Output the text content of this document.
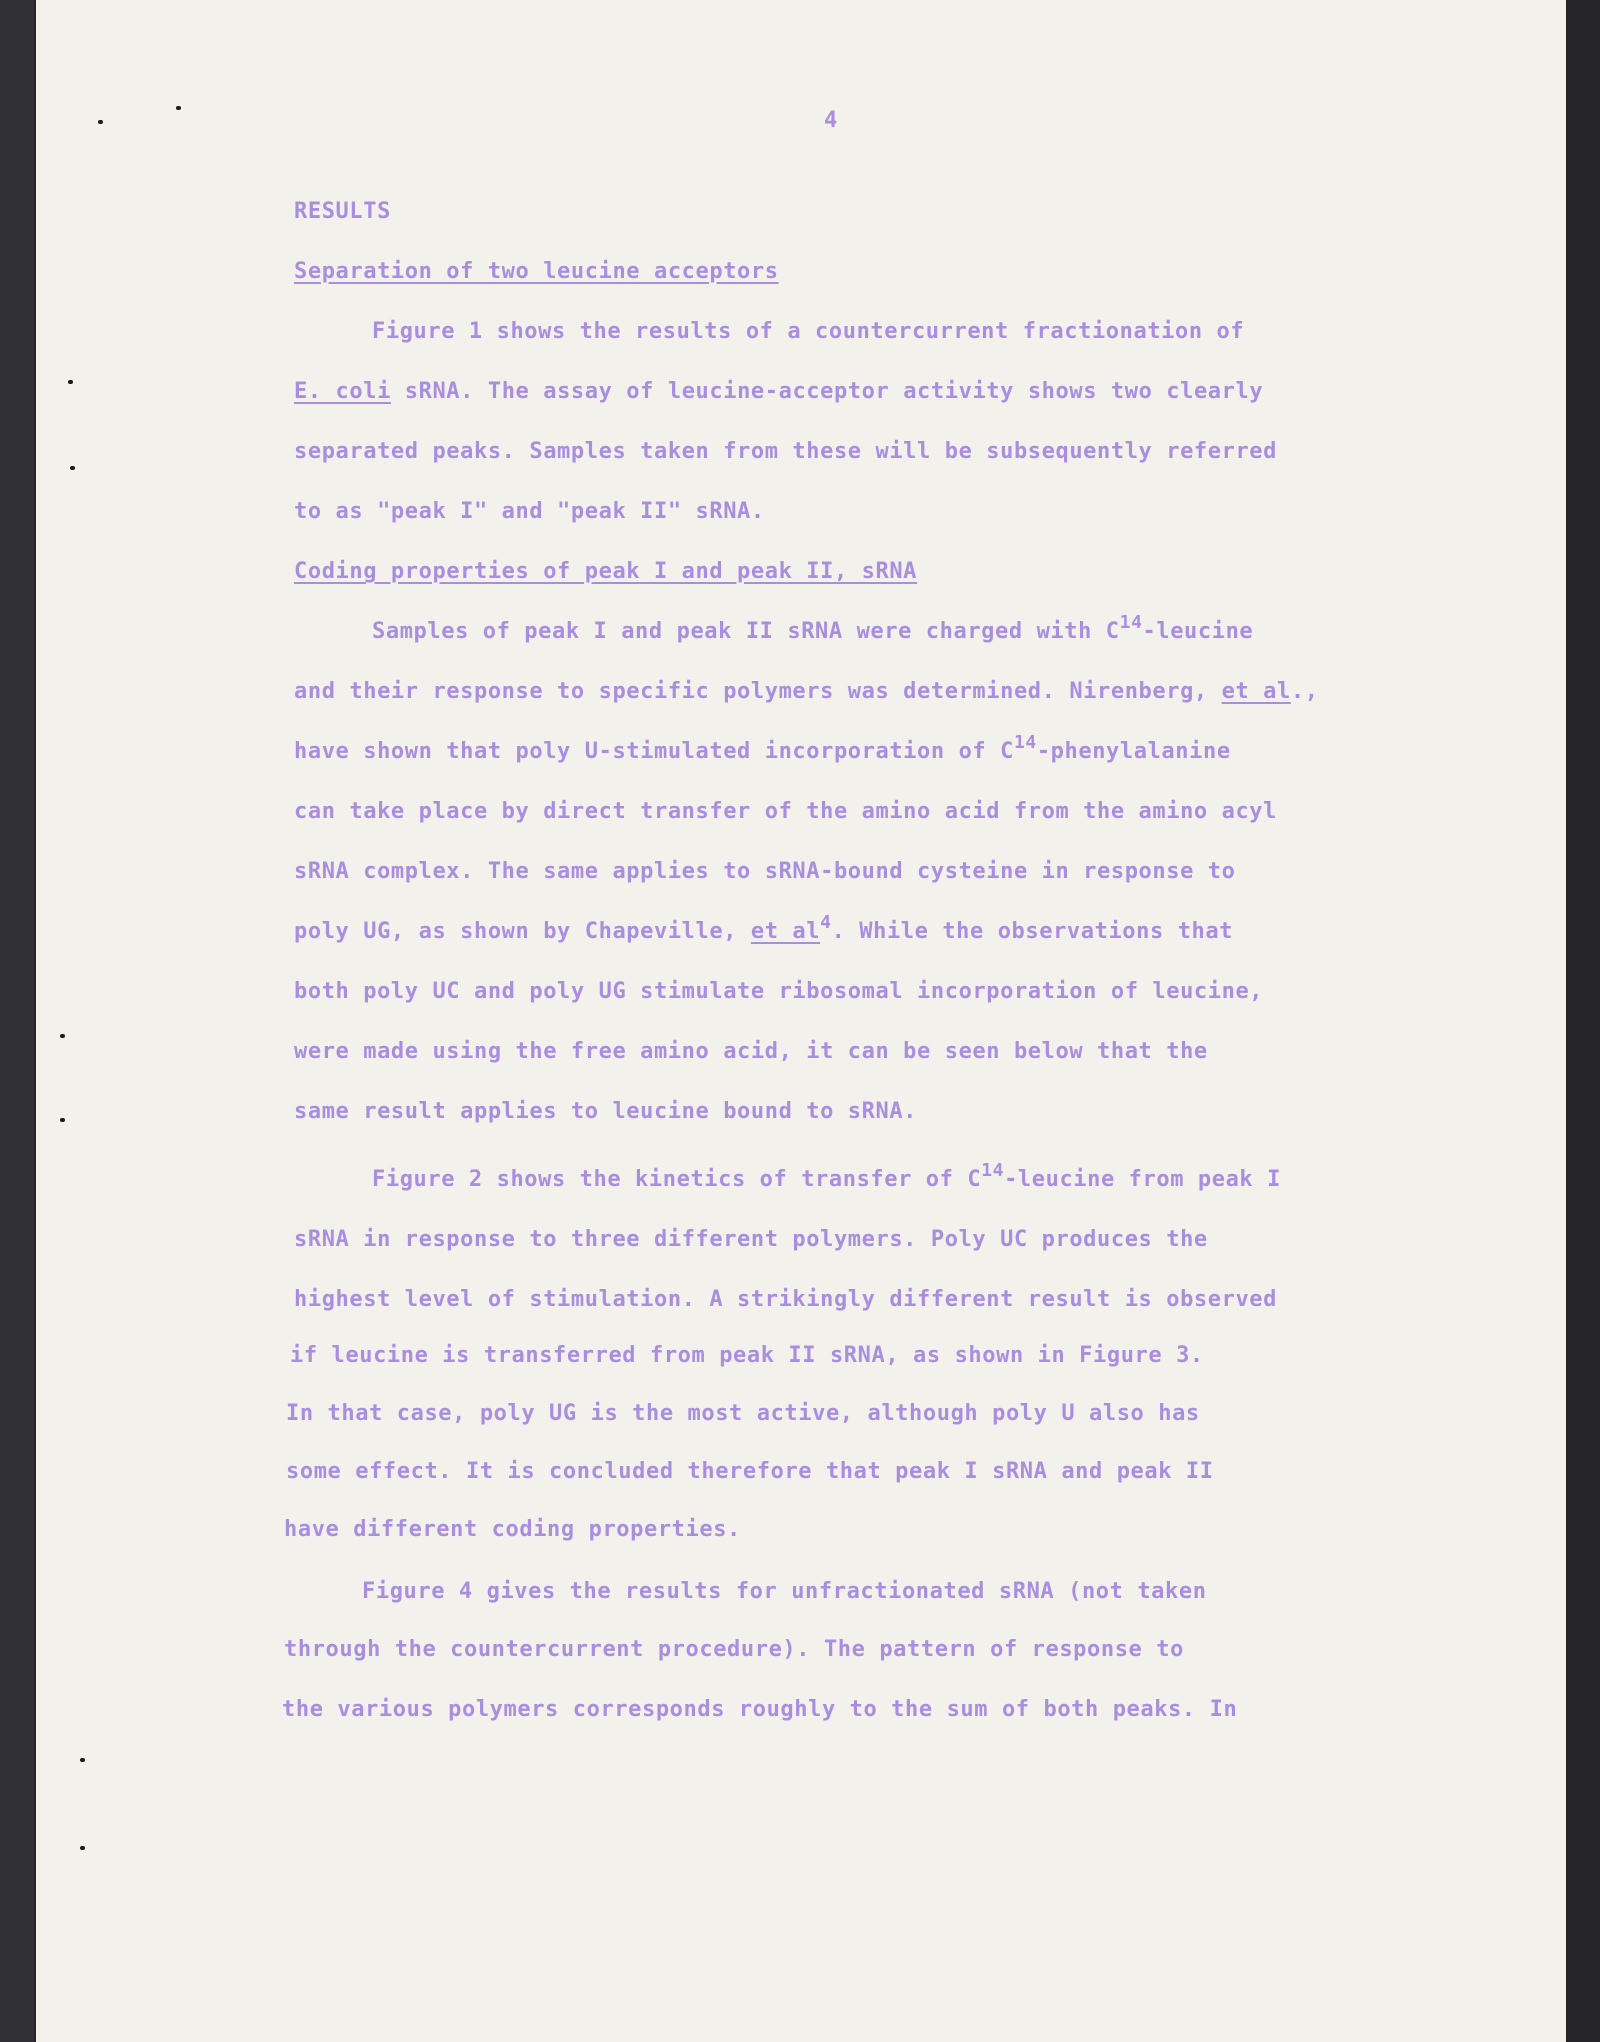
4
RESULTS
Separation of two leucine acceptors
Figure 1 shows the results of a countercurrent fractionation of
E. coli sRNA. The assay of leucine-acceptor activity shows two clearly
separated peaks. Samples taken from these will be subsequently referred
to as "peak I" and "peak II" sRNA.
Coding properties of peak I and peak II, sRNA
Samples of peak I and peak II sRNA were charged with $C^{14}$-leucine
and their response to specific polymers was determined. Nirenberg, et al.,
have shown that poly U-stimulated incorporation of $C^{14}$-phenylalanine
can take place by direct transfer of the amino acid from the amino acyl
sRNA complex. The same applies to sRNA-bound cysteine in response to
poly UG, as shown by Chapeville, et $al^4$. While the observations that
both poly UC and poly UG stimulate ribosomal incorporation of leucine,
were made using the free amino acid, it can be seen below that the
same result applies to leucine bound to sRNA.
Figure 2 shows the kinetics of transfer of $C^{14}$-leucine from peak I
sRNA in response to three different polymers. Poly UC produces the
highest level of stimulation. A strikingly different result is observed
if leucine is transferred from peak II sRNA, as shown in Figure 3.
In that case, poly UG is the most active, although poly U also has
some effect. It is concluded therefore that peak I sRNA and peak II
have different coding properties.
Figure 4 gives the results for unfractionated sRNA (not taken
through the countercurrent procedure). The pattern of response to
the various polymers corresponds roughly to the sum of both peaks. In
